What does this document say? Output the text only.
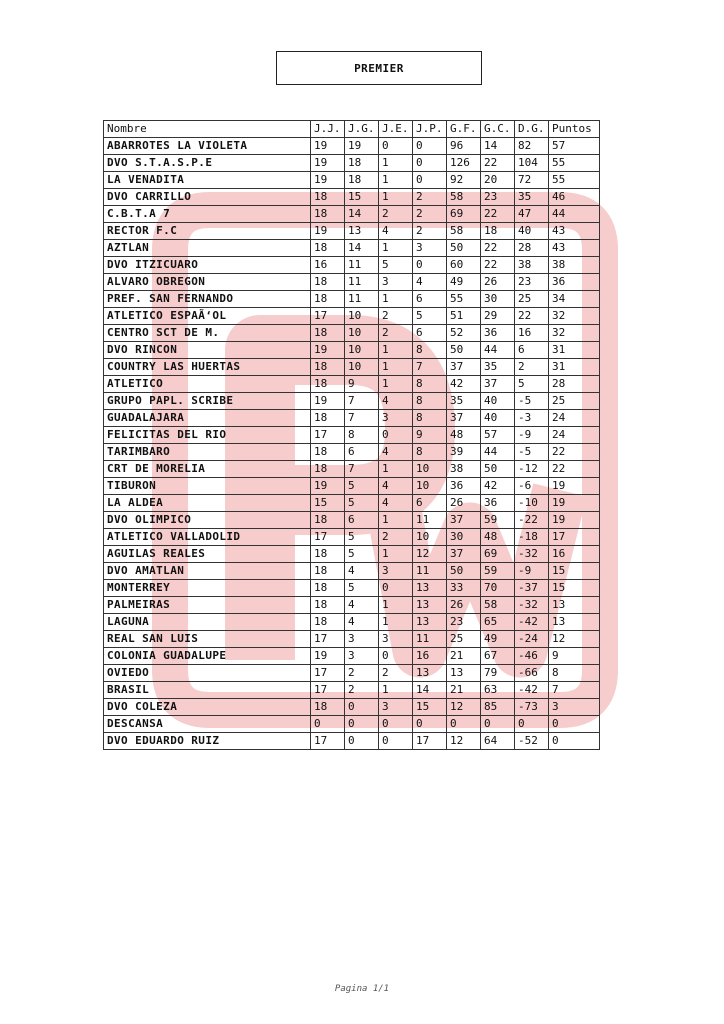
PREMIER
Nombre	J.J.	J.G.	J.E.	J.P.	G.F.	G.C.	D.G.	Puntos
ABARROTES LA VIOLETA	19	19	0	0	96	14	82	57
DVO S.T.A.S.P.E	19	18	1	0	126	22	104	55
LA VENADITA	19	18	1	0	92	20	72	55
DVO CARRILLO	18	15	1	2	58	23	35	46
C.B.T.A 7	18	14	2	2	69	22	47	44
RECTOR F.C	19	13	4	2	58	18	40	43
AZTLAN	18	14	1	3	50	22	28	43
DVO ITZICUARO	16	11	5	0	60	22	38	38
ALVARO OBREGON	18	11	3	4	49	26	23	36
PREF. SAN FERNANDO	18	11	1	6	55	30	25	34
ATLETICO ESPAÃ‘OL	17	10	2	5	51	29	22	32
CENTRO SCT DE M.	18	10	2	6	52	36	16	32
DVO RINCON	19	10	1	8	50	44	6	31
COUNTRY LAS HUERTAS	18	10	1	7	37	35	2	31
ATLETICO	18	9	1	8	42	37	5	28
GRUPO PAPL. SCRIBE	19	7	4	8	35	40	-5	25
GUADALAJARA	18	7	3	8	37	40	-3	24
FELICITAS DEL RIO	17	8	0	9	48	57	-9	24
TARIMBARO	18	6	4	8	39	44	-5	22
CRT DE MORELIA	18	7	1	10	38	50	-12	22
TIBURON	19	5	4	10	36	42	-6	19
LA ALDEA	15	5	4	6	26	36	-10	19
DVO OLIMPICO	18	6	1	11	37	59	-22	19
ATLETICO VALLADOLID	17	5	2	10	30	48	-18	17
AGUILAS REALES	18	5	1	12	37	69	-32	16
DVO AMATLAN	18	4	3	11	50	59	-9	15
MONTERREY	18	5	0	13	33	70	-37	15
PALMEIRAS	18	4	1	13	26	58	-32	13
LAGUNA	18	4	1	13	23	65	-42	13
REAL SAN LUIS	17	3	3	11	25	49	-24	12
COLONIA GUADALUPE	19	3	0	16	21	67	-46	9
OVIEDO	17	2	2	13	13	79	-66	8
BRASIL	17	2	1	14	21	63	-42	7
DVO COLEZA	18	0	3	15	12	85	-73	3
DESCANSA	0	0	0	0	0	0	0	0
DVO EDUARDO RUIZ	17	0	0	17	12	64	-52	0
Pagina 1/1
